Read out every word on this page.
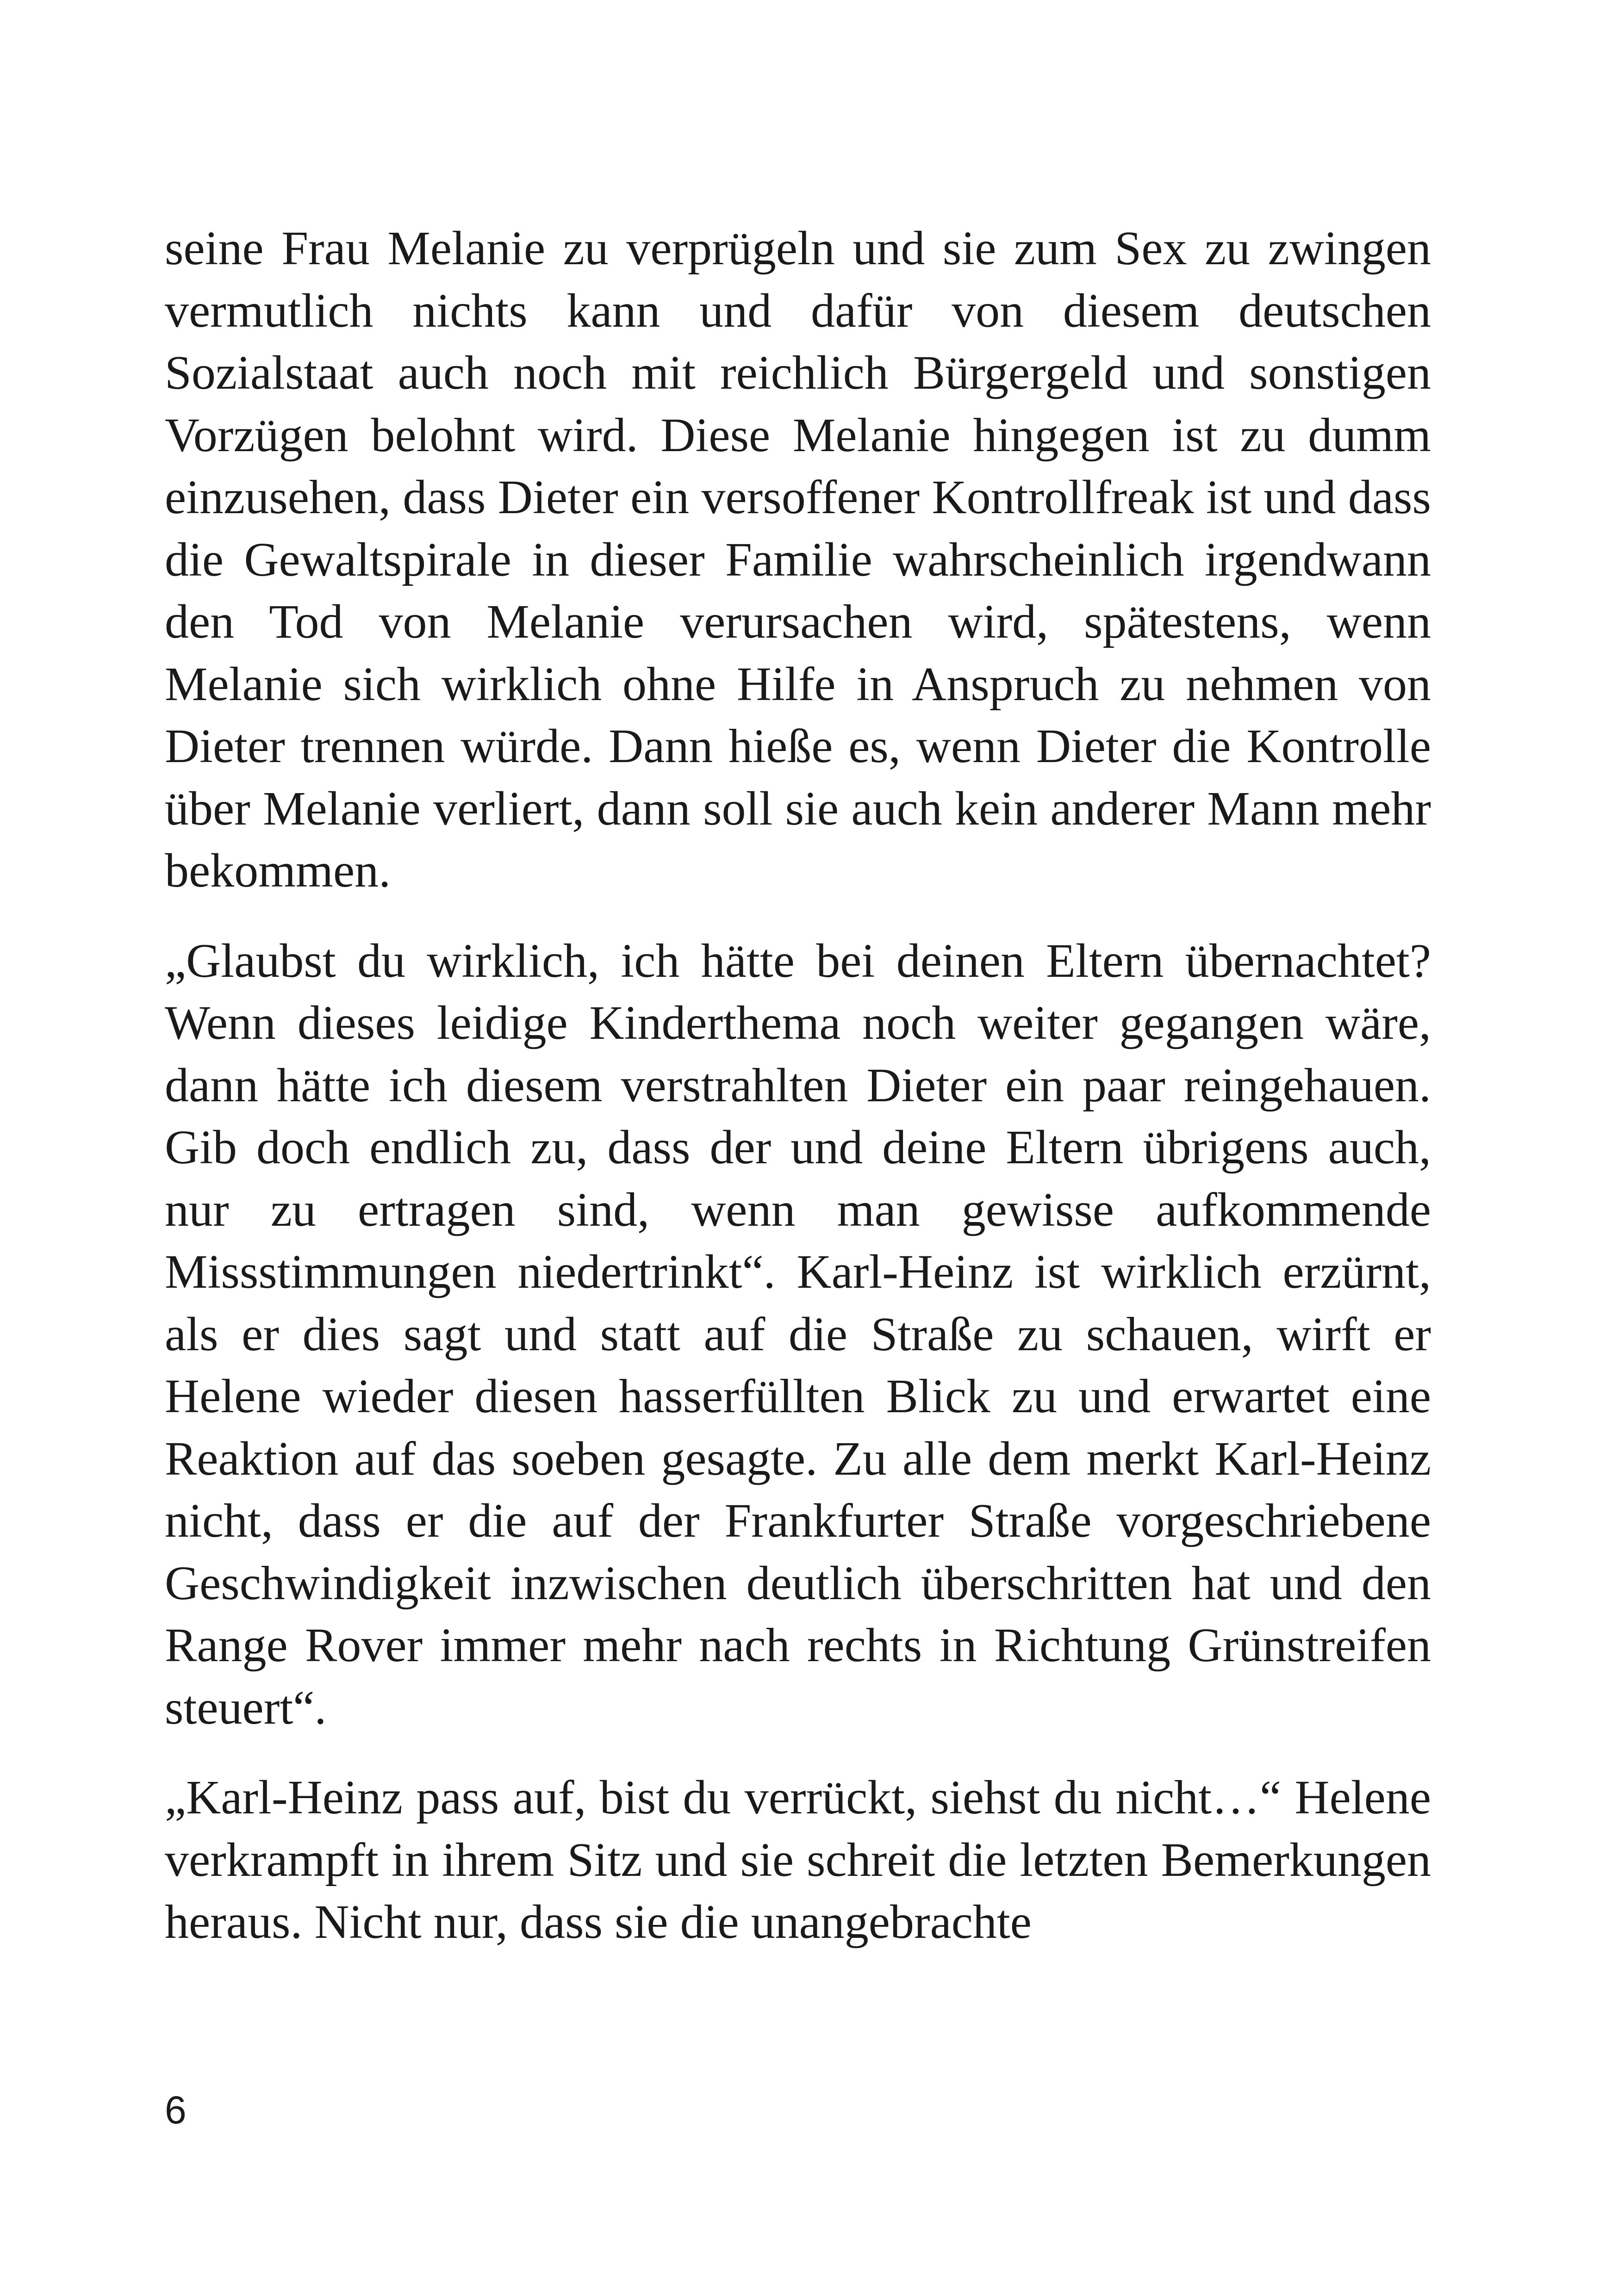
seine Frau Melanie zu verprügeln und sie zum Sex zu zwingen vermutlich nichts kann und dafür von diesem deutschen Sozialstaat auch noch mit reichlich Bürgergeld und sonstigen Vorzügen belohnt wird. Diese Melanie hingegen ist zu dumm einzusehen, dass Dieter ein versoffener Kontrollfreak ist und dass die Gewaltspirale in dieser Familie wahrscheinlich irgendwann den Tod von Melanie verursachen wird, spätestens, wenn Melanie sich wirklich ohne Hilfe in Anspruch zu nehmen von Dieter trennen würde. Dann hieße es, wenn Dieter die Kontrolle über Melanie verliert, dann soll sie auch kein anderer Mann mehr bekommen.

„Glaubst du wirklich, ich hätte bei deinen Eltern übernachtet? Wenn dieses leidige Kinderthema noch weiter gegangen wäre, dann hätte ich diesem verstrahlten Dieter ein paar reingehauen. Gib doch endlich zu, dass der und deine Eltern übrigens auch, nur zu ertragen sind, wenn man gewisse aufkommende Missstimmungen niedertrinkt“. Karl-Heinz ist wirklich erzürnt, als er dies sagt und statt auf die Straße zu schauen, wirft er Helene wieder diesen hasserfüllten Blick zu und erwartet eine Reaktion auf das soeben gesagte. Zu alle dem merkt Karl-Heinz nicht, dass er die auf der Frankfurter Straße vorgeschriebene Geschwindigkeit inzwischen deutlich überschritten hat und den Range Rover immer mehr nach rechts in Richtung Grünstreifen steuert“.

„Karl-Heinz pass auf, bist du verrückt, siehst du nicht…“ Helene verkrampft in ihrem Sitz und sie schreit die letzten Bemerkungen heraus. Nicht nur, dass sie die unangebrachte

6
